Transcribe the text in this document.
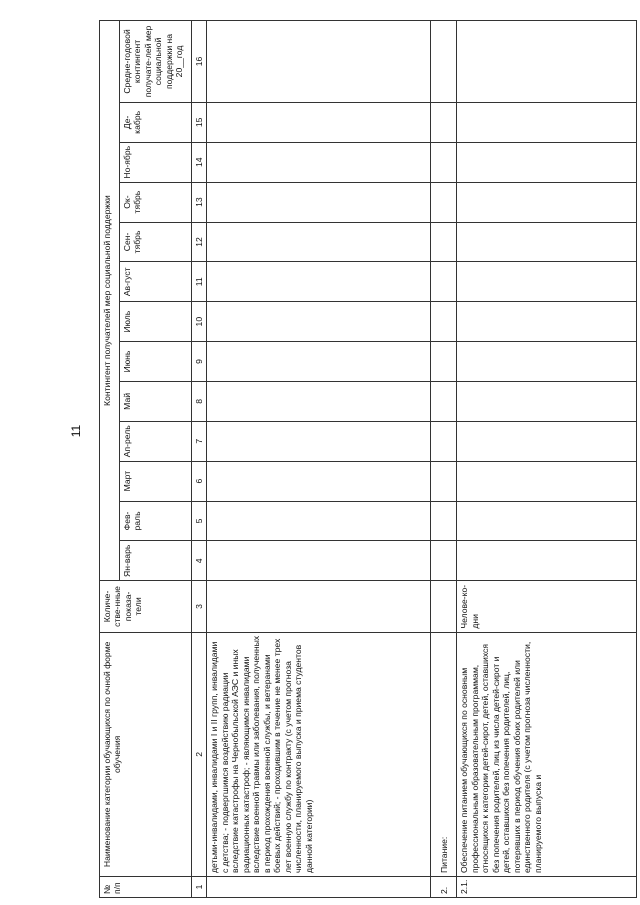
11
№ п/п	Наименование категории обучающихся по очной форме обучения	Количе-стве-нные показа-тели	Контингент получателей мер социальной поддержки												
			Ян-варь	Фев-раль	Март	Ап-рель	Май	Июнь	Июль	Ав-густ	Сен-тябрь	Ок-тябрь	Но-ябрь	Де-кабрь	Средне-годовой контингент получате-лей мер социальной поддержки на 20__год
1	2	3	4	5	6	7	8	9	10	11	12	13	14	15	16
	детьми-инвалидами, инвалидами I и II групп, инвалидами с детства; - подвергшимся воздействию радиации вследствие катастрофы на Чернобыльской АЭС и иных радиационных катастроф; - являющимся инвалидами вследствие военной травмы или заболевания, полученных в период прохождения военной службы, и ветеранами боевых действий; - проходившим в течение не менее трех лет военную службу по контракту (с учетом прогноза численности, планируемого выпуска и приема студентов данной категории)														
2.	Питание:														
2.1.	Обеспечение питанием обучающихся по основным профессиональным образовательным программам, относящихся к категории детей-сирот, детей, оставшихся без попечения родителей, лиц из числа детей-сирот и детей, оставшихся без попечения родителей, лиц, потерявших в период обучения обоих родителей или единственного родителя (с учетом прогноза численности, планируемого выпуска и	Челове-ко-дни													
